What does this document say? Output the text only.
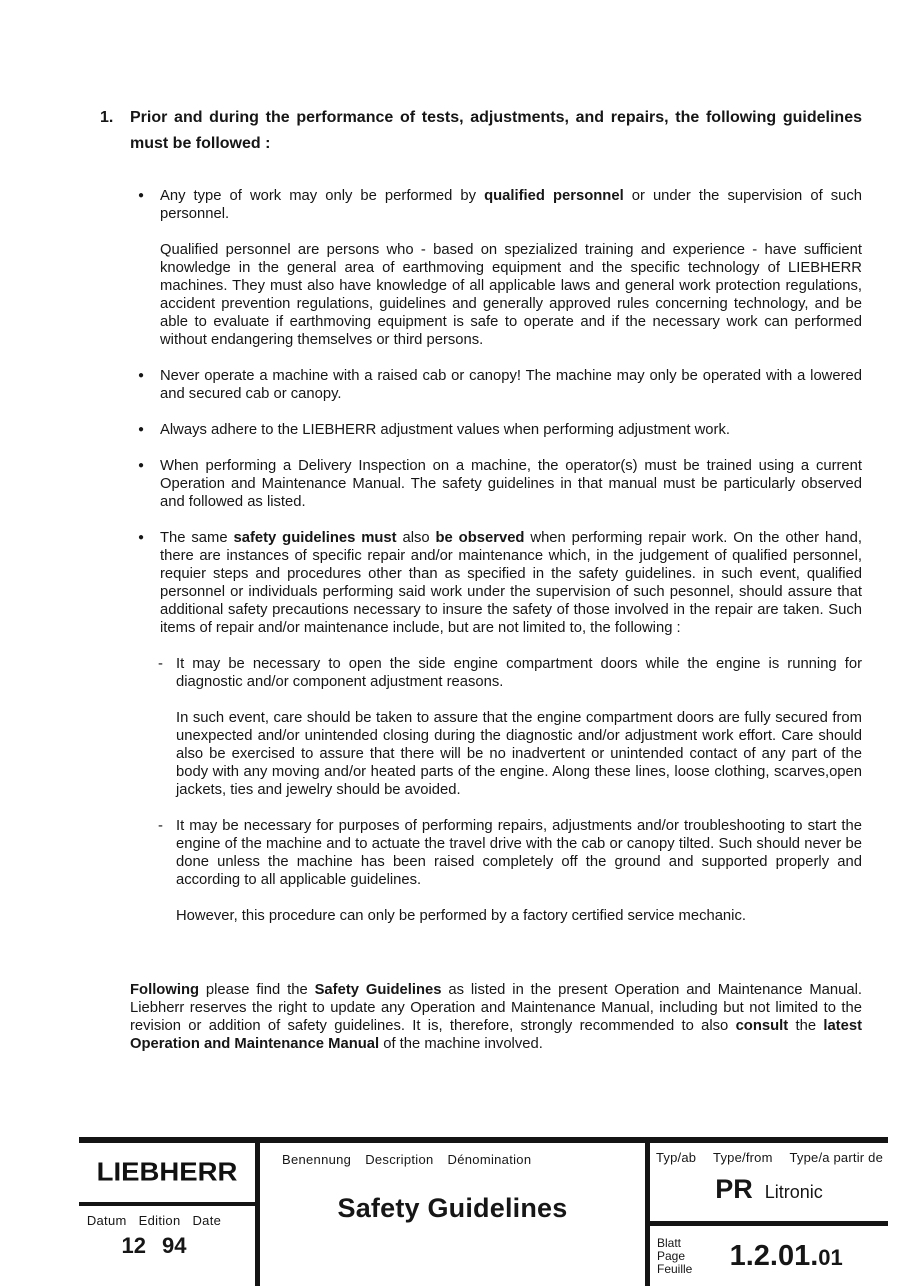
1.	Prior and during the performance of tests, adjustments, and repairs, the following guidelines must be followed :
●	Any type of work may only be performed by qualified personnel or under the supervision of such personnel.
Qualified personnel are persons who - based on spezialized training and experience - have sufficient knowledge in the general area of earthmoving equipment and the specific technology of LIEBHERR machines. They must also have knowledge of all applicable laws and general work protection regulations, accident prevention regulations, guidelines and generally approved rules concerning technology, and be able to evaluate if earthmoving equipment is safe to operate and if the necessary work can performed without endangering themselves or third persons.
●	Never operate a machine with a raised cab or canopy! The machine may only be operated with a lowered and secured cab or canopy.
●	Always adhere to the LIEBHERR adjustment values when performing adjustment work.
●	When performing a Delivery Inspection on a machine, the operator(s) must be trained using a current Operation and Maintenance Manual. The safety guidelines in that manual must be particularly observed and followed as listed.
●	The same safety guidelines must also be observed when performing repair work. On the other hand, there are instances of specific repair and/or maintenance which, in the judgement of qualified personnel, requier steps and procedures other than as specified in the safety guidelines. in such event, qualified personnel or individuals performing said work under the supervision of such pesonnel, should assure that additional safety precautions necessary to insure the safety of those involved in the repair are taken. Such items of repair and/or maintenance include, but are not limited to, the following :
- It may be necessary to open the side engine compartment doors while the engine is running for diagnostic and/or component adjustment reasons.
In such event, care should be taken to assure that the engine compartment doors are fully secured from unexpected and/or unintended closing during the diagnostic and/or adjustment work effort. Care should also be exercised to assure that there will be no inadvertent or unintended contact of any part of the body with any moving and/or heated parts of the engine. Along these lines, loose clothing, scarves,open jackets, ties and jewelry should be avoided.
- It may be necessary for purposes of performing repairs, adjustments and/or troubleshooting to start the engine of the machine and to actuate the travel drive with the cab or canopy tilted. Such should never be done unless the machine has been raised completely off the ground and supported properly and according to all applicable guidelines.
However, this procedure can only be performed by a factory certified service mechanic.
Following please find the Safety Guidelines as listed in the present Operation and Maintenance Manual. Liebherr reserves the right to update any Operation and Maintenance Manual, including but not limited to the revision or addition of safety guidelines. It is, therefore, strongly recommended to also consult the latest Operation and Maintenance Manual of the machine involved.
LIEBHERR
Datum Edition Date
12 94
Benennung Description Dénomination
Safety Guidelines
Typ/ab Type/from Type/a partir de
PR Litronic
Blatt
Page
Feuille	1.2.01.01
